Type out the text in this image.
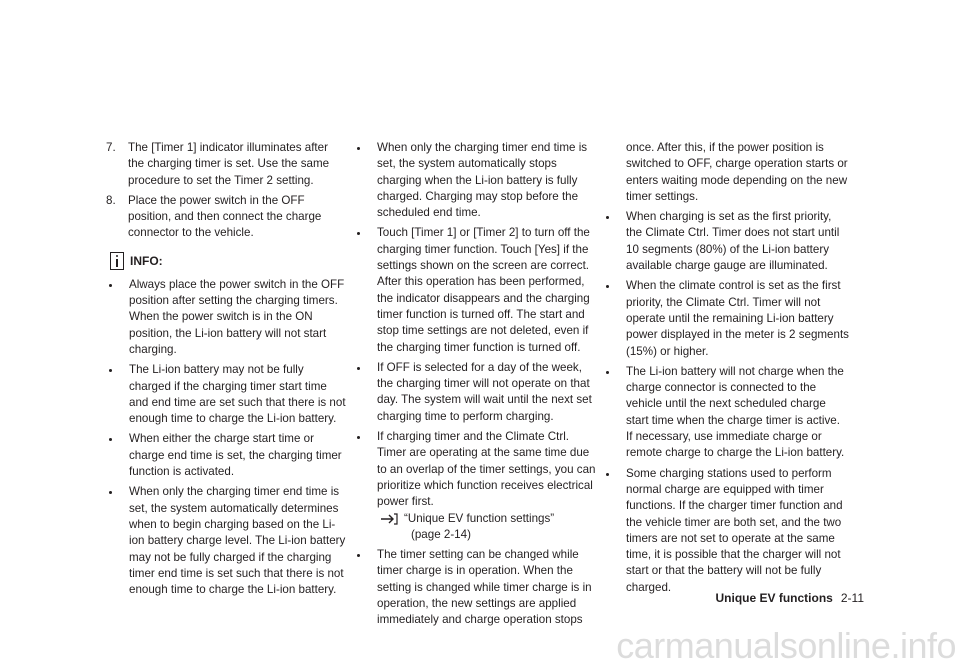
7. The [Timer 1] indicator illuminates after the charging timer is set. Use the same procedure to set the Timer 2 setting.
8. Place the power switch in the OFF position, and then connect the charge connector to the vehicle.
INFO:
Always place the power switch in the OFF position after setting the charging timers. When the power switch is in the ON position, the Li-ion battery will not start charging.
The Li-ion battery may not be fully charged if the charging timer start time and end time are set such that there is not enough time to charge the Li-ion battery.
When either the charge start time or charge end time is set, the charging timer function is activated.
When only the charging timer end time is set, the system automatically determines when to begin charging based on the Li-ion battery charge level. The Li-ion battery may not be fully charged if the charging timer end time is set such that there is not enough time to charge the Li-ion battery.
When only the charging timer end time is set, the system automatically stops charging when the Li-ion battery is fully charged. Charging may stop before the scheduled end time.
Touch [Timer 1] or [Timer 2] to turn off the charging timer function. Touch [Yes] if the settings shown on the screen are correct. After this operation has been performed, the indicator disappears and the charging timer function is turned off. The start and stop time settings are not deleted, even if the charging timer function is turned off.
If OFF is selected for a day of the week, the charging timer will not operate on that day. The system will wait until the next set charging time to perform charging.
If charging timer and the Climate Ctrl. Timer are operating at the same time due to an overlap of the timer settings, you can prioritize which function receives electrical power first.
“Unique EV function settings”
(page 2-14)
The timer setting can be changed while timer charge is in operation. When the setting is changed while timer charge is in operation, the new settings are applied immediately and charge operation stops
once. After this, if the power position is switched to OFF, charge operation starts or enters waiting mode depending on the new timer settings.
When charging is set as the first priority, the Climate Ctrl. Timer does not start until 10 segments (80%) of the Li-ion battery available charge gauge are illuminated.
When the climate control is set as the first priority, the Climate Ctrl. Timer will not operate until the remaining Li-ion battery power displayed in the meter is 2 segments (15%) or higher.
The Li-ion battery will not charge when the charge connector is connected to the vehicle until the next scheduled charge start time when the charge timer is active. If necessary, use immediate charge or remote charge to charge the Li-ion battery.
Some charging stations used to perform normal charge are equipped with timer functions. If the charger timer function and the vehicle timer are both set, and the two timers are not set to operate at the same time, it is possible that the charger will not start or that the battery will not be fully charged.
Unique EV functions 2-11
carmanualsonline.info
